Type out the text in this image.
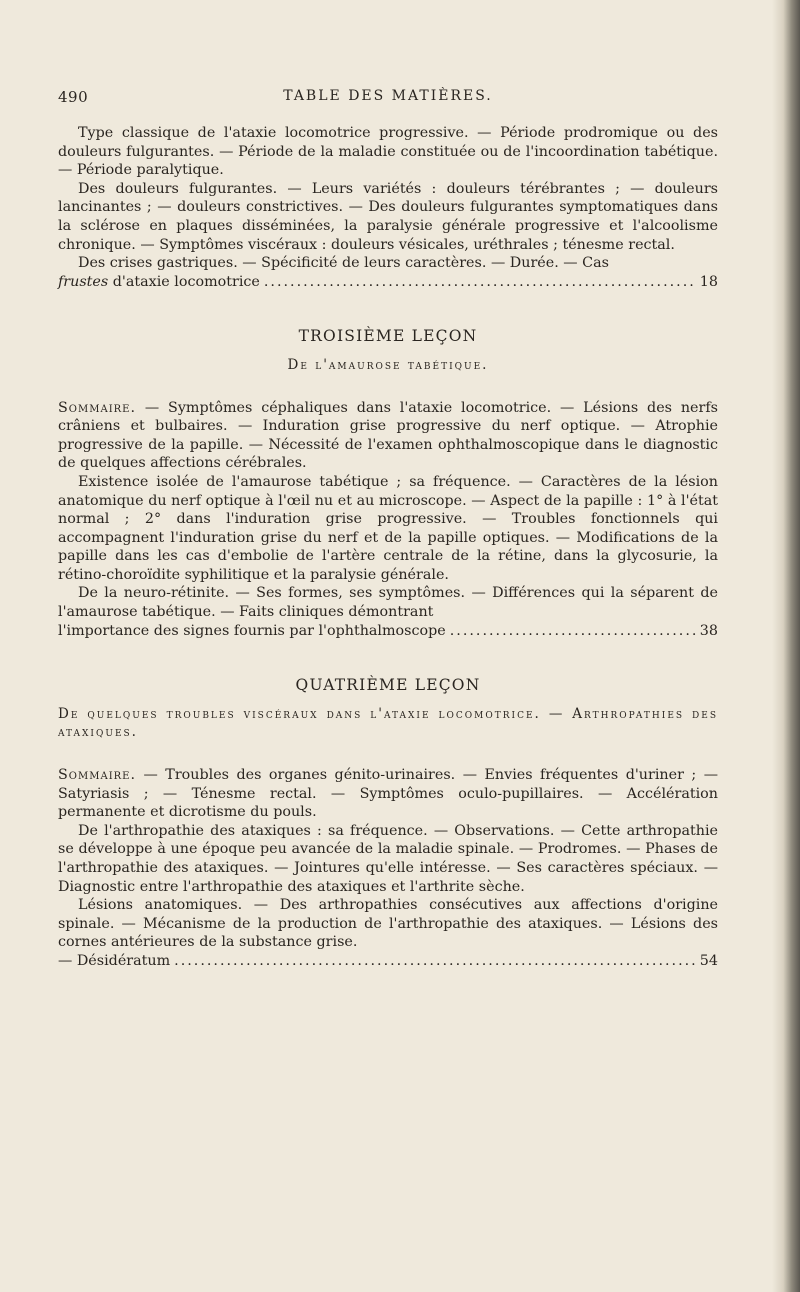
490	TABLE DES MATIÈRES.

Type classique de l'ataxie locomotrice progressive. — Période prodromique ou des douleurs fulgurantes. — Période de la maladie constituée ou de l'incoordination tabétique. — Période paralytique.

Des douleurs fulgurantes. — Leurs variétés : douleurs térébrantes ; — douleurs lancinantes ; — douleurs constrictives. — Des douleurs fulgurantes symptomatiques dans la sclérose en plaques disséminées, la paralysie générale progressive et l'alcoolisme chronique. — Symptômes viscéraux : douleurs vésicales, uréthrales ; ténesme rectal.

Des crises gastriques. — Spécificité de leurs caractères. — Durée. — Cas

frustes d'ataxie locomotrice .....	18

TROISIÈME LEÇON
De l'amaurose tabétique.

Sommaire. — Symptômes céphaliques dans l'ataxie locomotrice. — Lésions des nerfs crâniens et bulbaires. — Induration grise progressive du nerf optique. — Atrophie progressive de la papille. — Nécessité de l'examen ophthalmoscopique dans le diagnostic de quelques affections cérébrales.

Existence isolée de l'amaurose tabétique ; sa fréquence. — Caractères de la lésion anatomique du nerf optique à l'œil nu et au microscope. — Aspect de la papille : 1° à l'état normal ; 2° dans l'induration grise progressive. — Troubles fonctionnels qui accompagnent l'induration grise du nerf et de la papille optiques. — Modifications de la papille dans les cas d'embolie de l'artère centrale de la rétine, dans la glycosurie, la rétino-choroïdite syphilitique et la paralysie générale.

De la neuro-rétinite. — Ses formes, ses symptômes. — Différences qui la séparent de l'amaurose tabétique. — Faits cliniques démontrant

l'importance des signes fournis par l'ophthalmoscope .....	38

QUATRIÈME LEÇON
De quelques troubles viscéraux dans l'ataxie locomotrice. — Arthropathies des ataxiques.

Sommaire. — Troubles des organes génito-urinaires. — Envies fréquentes d'uriner ; — Satyriasis ; — Ténesme rectal. — Symptômes oculo-pupillaires. — Accélération permanente et dicrotisme du pouls.

De l'arthropathie des ataxiques : sa fréquence. — Observations. — Cette arthropathie se développe à une époque peu avancée de la maladie spinale. — Prodromes. — Phases de l'arthropathie des ataxiques. — Jointures qu'elle intéresse. — Ses caractères spéciaux. — Diagnostic entre l'arthropathie des ataxiques et l'arthrite sèche.

Lésions anatomiques. — Des arthropathies consécutives aux affections d'origine spinale. — Mécanisme de la production de l'arthropathie des ataxiques. — Lésions des cornes antérieures de la substance grise.

— Désidératum .....	54
